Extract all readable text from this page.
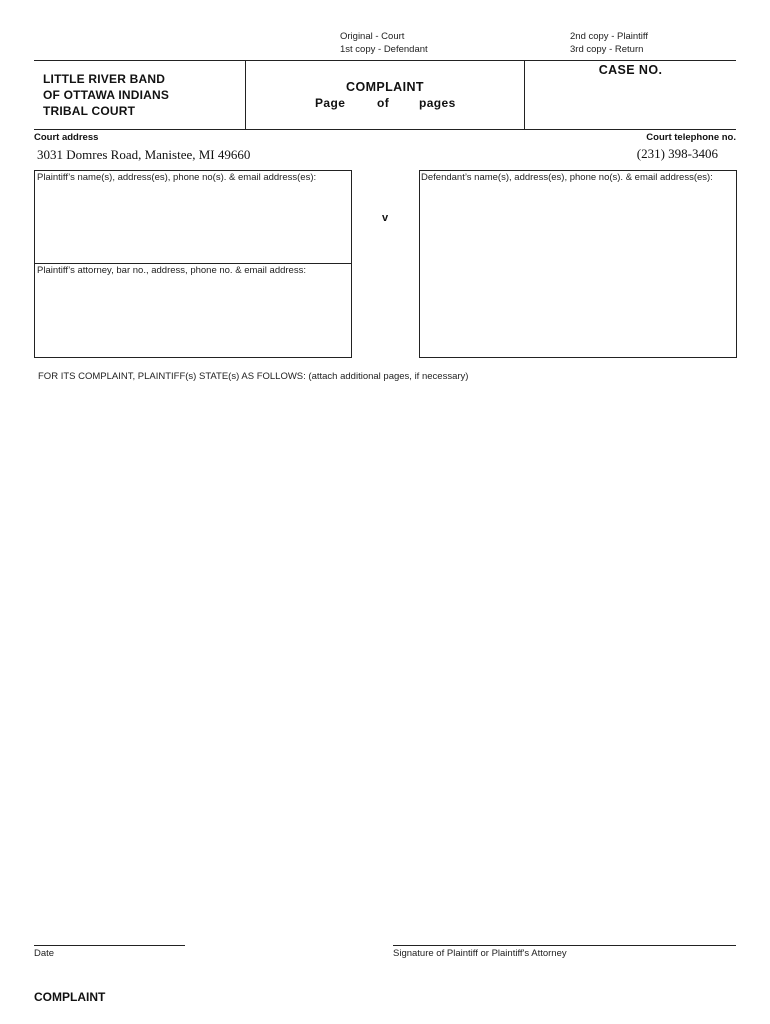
Original - Court
1st copy - Defendant
2nd copy - Plaintiff
3rd copy - Return
LITTLE RIVER BAND
OF OTTAWA INDIANS
TRIBAL COURT
COMPLAINT
Page	of pages
CASE NO.
Court address
3031 Domres Road, Manistee, MI 49660
Court telephone no.
(231) 398-3406
Plaintiff’s name(s), address(es), phone no(s). & email address(es):
Plaintiff’s attorney, bar no., address, phone no. & email address:
v
Defendant’s name(s), address(es), phone no(s). & email address(es):
FOR ITS COMPLAINT, PLAINTIFF(s) STATE(s) AS FOLLOWS: (attach additional pages, if necessary)
Date	Signature of Plaintiff or Plaintiff's Attorney
COMPLAINT
